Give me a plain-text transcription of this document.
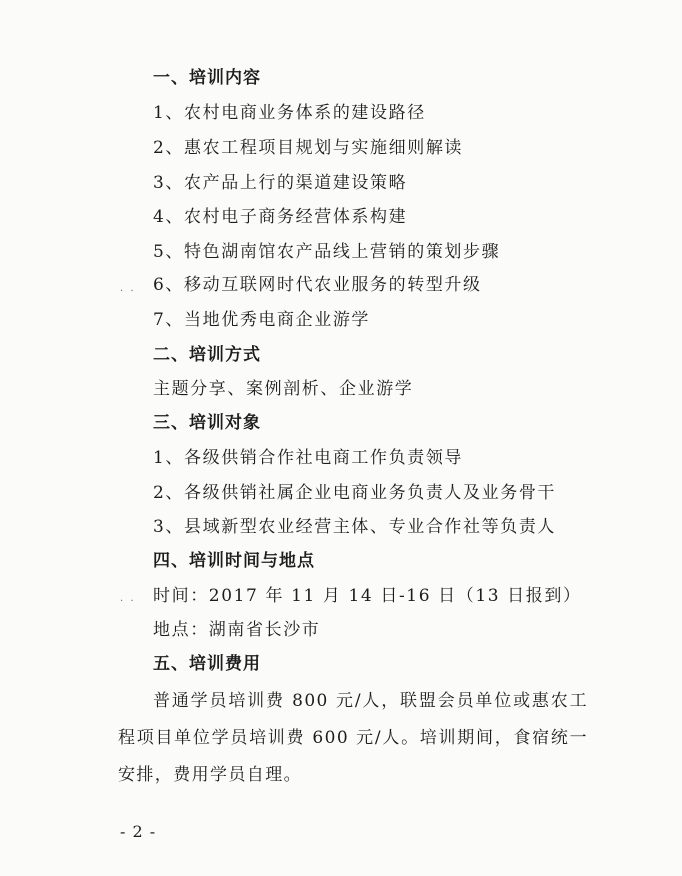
一、培训内容
1、农村电商业务体系的建设路径
2、惠农工程项目规划与实施细则解读
3、农产品上行的渠道建设策略
4、农村电子商务经营体系构建
5、特色湖南馆农产品线上营销的策划步骤
. . 6、移动互联网时代农业服务的转型升级
7、当地优秀电商企业游学
二、培训方式
主题分享、案例剖析、企业游学
三、培训对象
1、各级供销合作社电商工作负责领导
2、各级供销社属企业电商业务负责人及业务骨干
3、县域新型农业经营主体、专业合作社等负责人
四、培训时间与地点
. . 时间：2017 年 11 月 14 日-16 日（13 日报到）
地点：湖南省长沙市
五、培训费用
普通学员培训费 800 元/人，联盟会员单位或惠农工程项目单位学员培训费 600 元/人。培训期间，食宿统一安排，费用学员自理。
- 2 -
